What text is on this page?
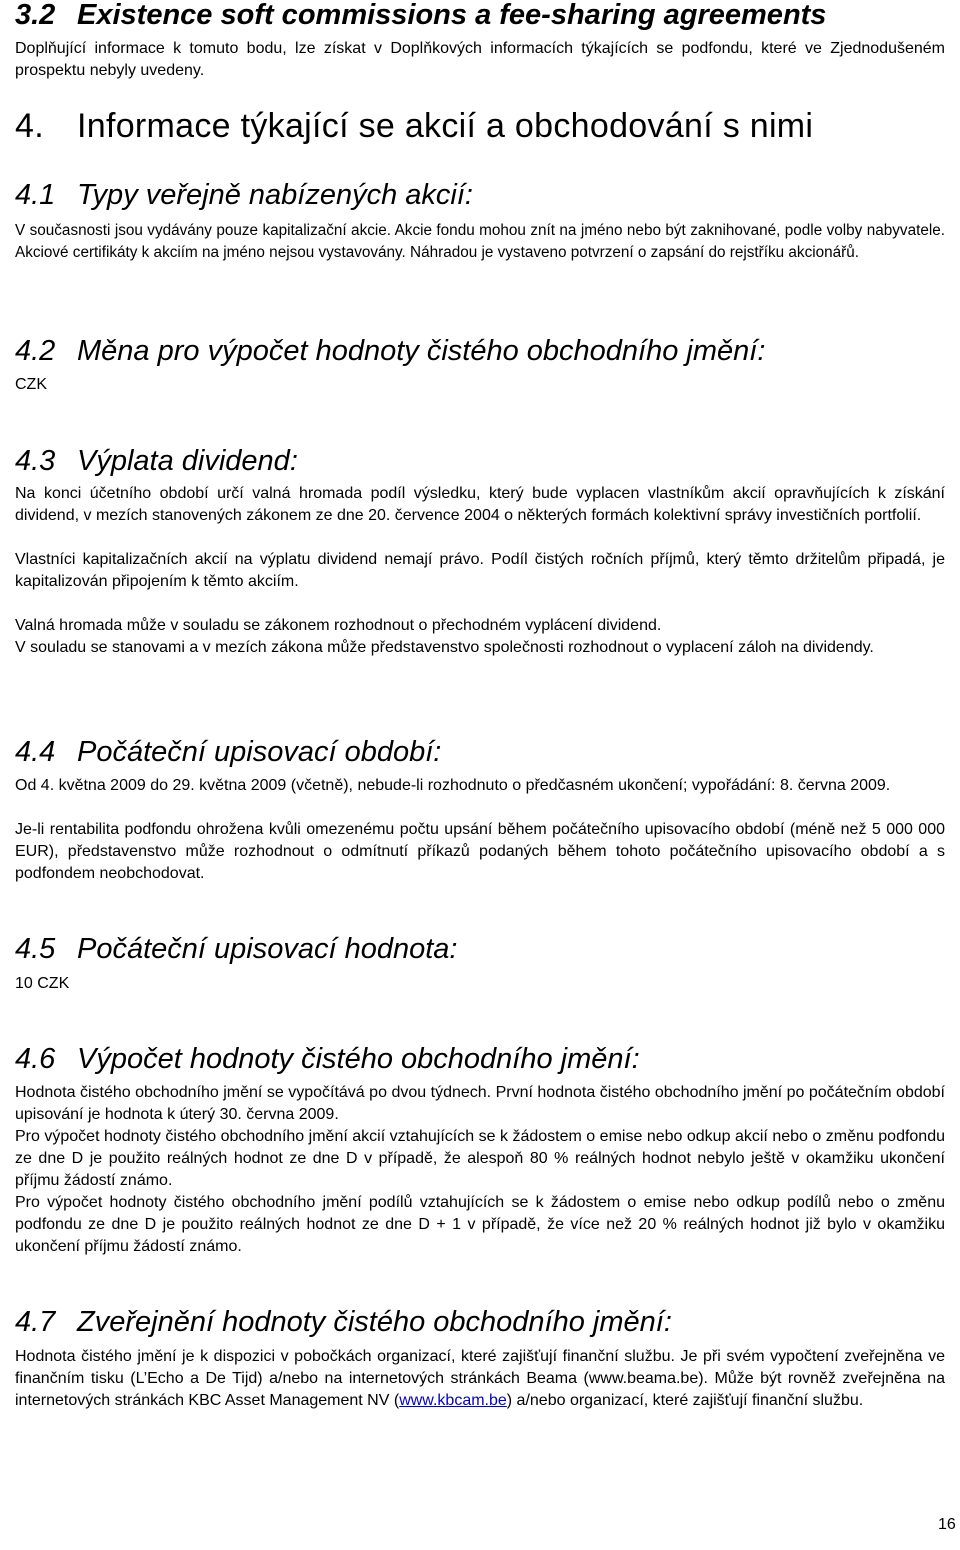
3.2 Existence soft commissions a fee-sharing agreements
Doplňující informace k tomuto bodu, lze získat v Doplňkových informacích týkajících se podfondu, které ve Zjednodušeném prospektu nebyly uvedeny.
4. Informace týkající se akcií a obchodování s nimi
4.1 Typy veřejně nabízených akcií:
V současnosti jsou vydávány pouze kapitalizační akcie. Akcie fondu mohou znít na jméno nebo být zaknihované, podle volby nabyvatele. Akciové certifikáty k akciím na jméno nejsou vystavovány. Náhradou je vystaveno potvrzení o zapsání do rejstříku akcionářů.
4.2 Měna pro výpočet hodnoty čistého obchodního jmění:
CZK
4.3 Výplata dividend:
Na konci účetního období určí valná hromada podíl výsledku, který bude vyplacen vlastníkům akcií opravňujících k získání dividend, v mezích stanovených zákonem ze dne 20. července 2004 o některých formách kolektivní správy investičních portfolií.
Vlastníci kapitalizačních akcií na výplatu dividend nemají právo. Podíl čistých ročních příjmů, který těmto držitelům připadá, je kapitalizován připojením k těmto akciím.
Valná hromada může v souladu se zákonem rozhodnout o přechodném vyplácení dividend.
V souladu se stanovami a v mezích zákona může představenstvo společnosti rozhodnout o vyplacení záloh na dividendy.
4.4 Počáteční upisovací období:
Od 4. května 2009 do 29. května 2009 (včetně), nebude-li rozhodnuto o předčasném ukončení; vypořádání: 8. června 2009.
Je-li rentabilita podfondu ohrožena kvůli omezenému počtu upsání během počátečního upisovacího období (méně než 5 000 000 EUR), představenstvo může rozhodnout o odmítnutí příkazů podaných během tohoto počátečního upisovacího období a s podfondem neobchodovat.
4.5 Počáteční upisovací hodnota:
10 CZK
4.6 Výpočet hodnoty čistého obchodního jmění:
Hodnota čistého obchodního jmění se vypočítává po dvou týdnech. První hodnota čistého obchodního jmění po počátečním období upisování je hodnota k úterý 30. června 2009.
Pro výpočet hodnoty čistého obchodního jmění akcií vztahujících se k žádostem o emise nebo odkup akcií nebo o změnu podfondu ze dne D je použito reálných hodnot ze dne D v případě, že alespoň 80 % reálných hodnot nebylo ještě v okamžiku ukončení příjmu žádostí známo.
Pro výpočet hodnoty čistého obchodního jmění podílů vztahujících se k žádostem o emise nebo odkup podílů nebo o změnu podfondu ze dne D je použito reálných hodnot ze dne D + 1 v případě, že více než 20 % reálných hodnot již bylo v okamžiku ukončení příjmu žádostí známo.
4.7 Zveřejnění hodnoty čistého obchodního jmění:
Hodnota čistého jmění je k dispozici v pobočkách organizací, které zajišťují finanční službu. Je při svém vypočtení zveřejněna ve finančním tisku (L’Echo a De Tijd) a/nebo na internetových stránkách Beama (www.beama.be). Může být rovněž zveřejněna na internetových stránkách KBC Asset Management NV (www.kbcam.be) a/nebo organizací, které zajišťují finanční službu.
16
